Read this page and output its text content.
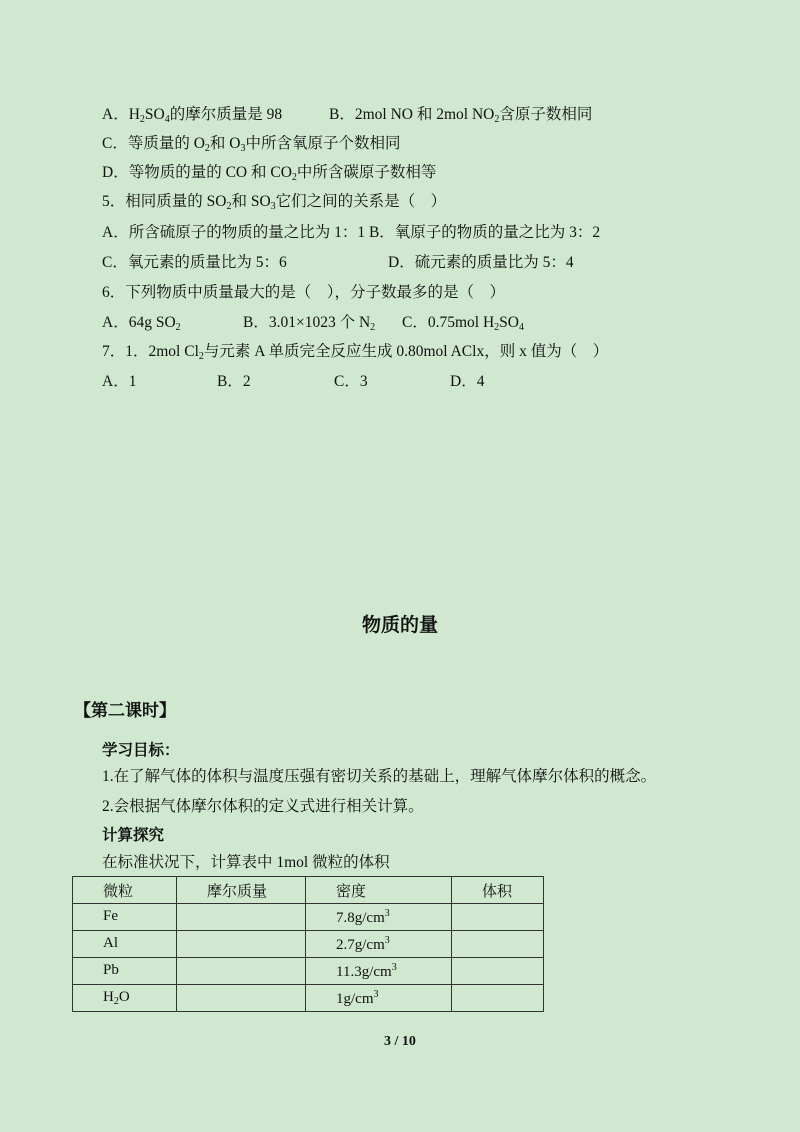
A．$H_2SO_4$的摩尔质量是 98	B．2mol NO 和 2mol $NO_2$含原子数相同
C．等质量的 $O_2$和 $O_3$中所含氧原子个数相同
D．等物质的量的 CO 和 $CO_2$中所含碳原子数相等
5．相同质量的 $SO_2$和 $SO_3$它们之间的关系是（　）
A．所含硫原子的物质的量之比为 1：1 B．氧原子的物质的量之比为 3：2
C．氧元素的质量比为 5：6	D．硫元素的质量比为 5：4
6．下列物质中质量最大的是（　），分子数最多的是（　）
A．64g $SO_2$	B．3.01×1023 个 $N_2$ C．0.75mol $H_2SO_4$
7．1．2mol $Cl_2$与元素 A 单质完全反应生成 0.80mol AClx，则 x 值为（　）
A．1	B．2	C．3	D．4
物质的量
【第二课时】
学习目标：
1.在了解气体的体积与温度压强有密切关系的基础上，理解气体摩尔体积的概念。
2.会根据气体摩尔体积的定义式进行相关计算。
计算探究
在标准状况下，计算表中 1mol 微粒的体积
微粒	摩尔质量	密度	体积
Fe		$7.8g/cm^3$	
Al		$2.7g/cm^3$	
Pb		$11.3g/cm^3$	
$H_2O$		$1g/cm^3$	
3 / 10
